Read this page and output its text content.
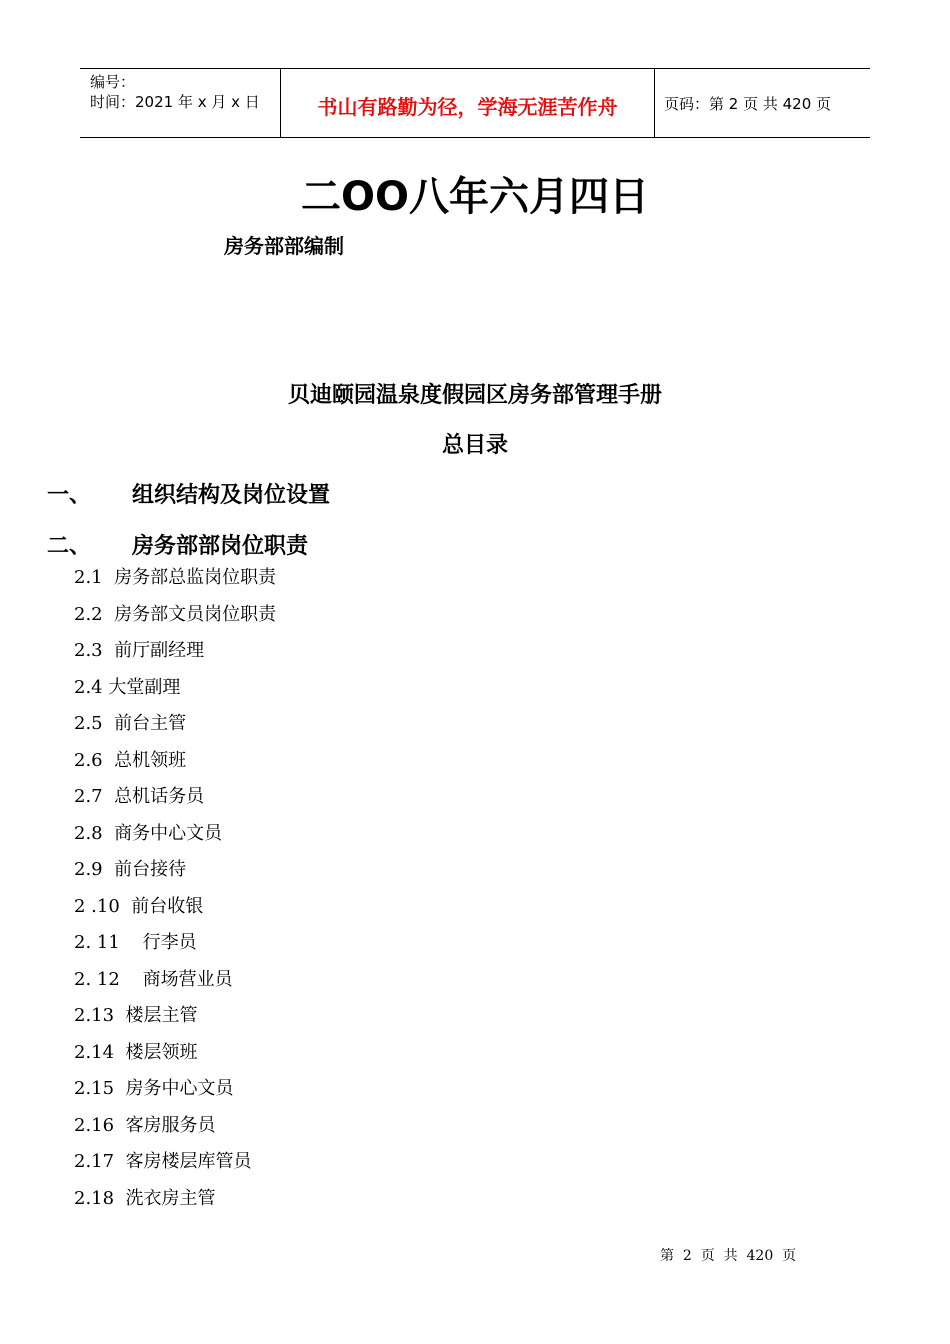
编号：
时间：2021 年 x 月 x 日	书山有路勤为径，学海无涯苦作舟	页码：第 2 页 共 420 页
二OO八年六月四日
房务部部编制
贝迪颐园温泉度假园区房务部管理手册
总目录
一、 组织结构及岗位设置
二、 房务部部岗位职责
2.1  房务部总监岗位职责
2.2  房务部文员岗位职责
2.3  前厅副经理
2.4 大堂副理
2.5  前台主管
2.6  总机领班
2.7  总机话务员
2.8  商务中心文员
2.9  前台接待
2 .10  前台收银
2. 11    行李员
2. 12    商场营业员
2.13  楼层主管
2.14  楼层领班
2.15  房务中心文员
2.16  客房服务员
2.17  客房楼层库管员
2.18  洗衣房主管
第  2  页  共  420  页
